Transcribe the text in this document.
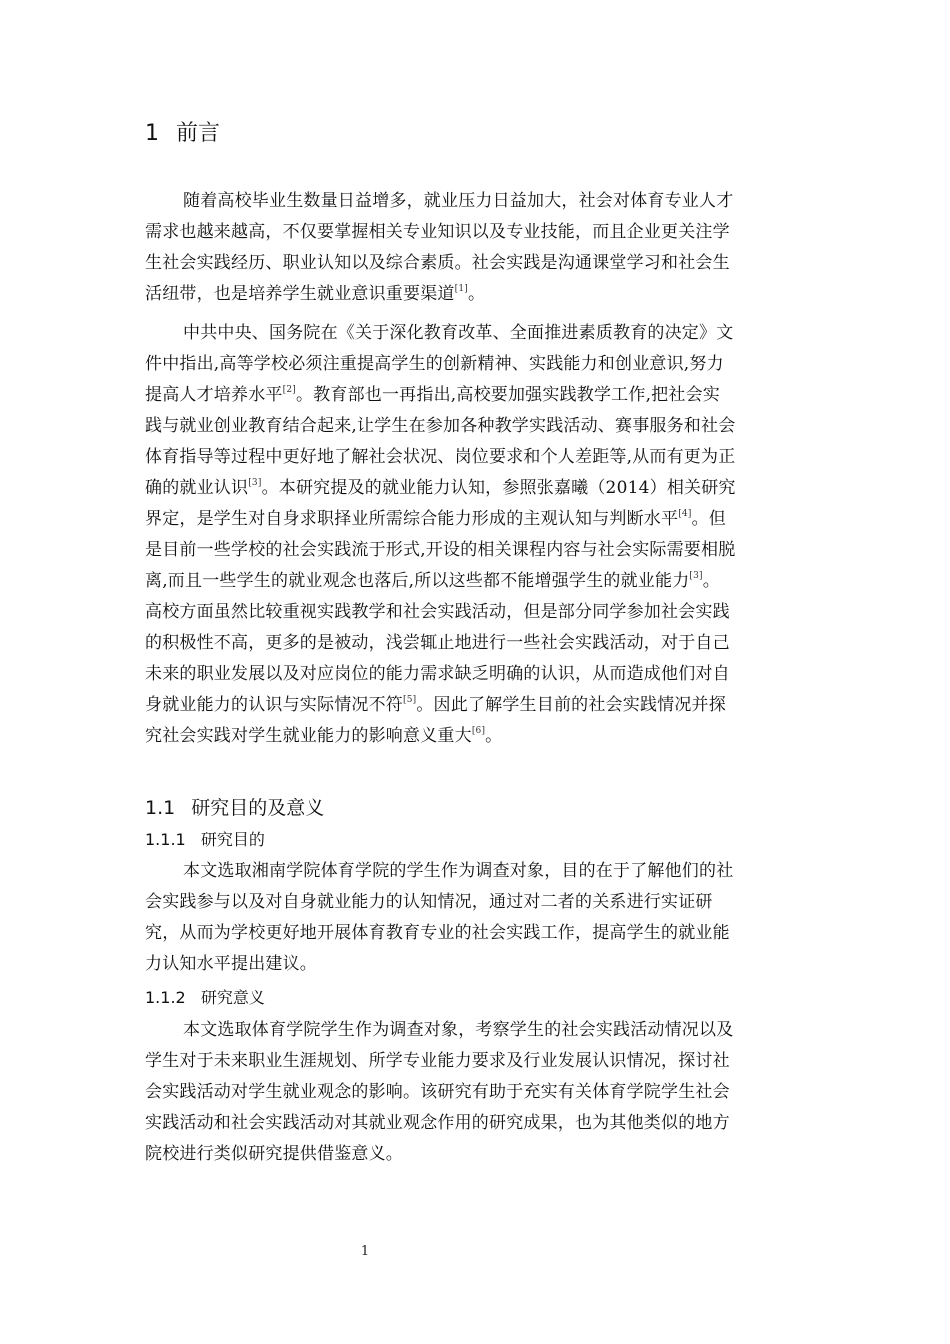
1 前言
随着高校毕业生数量日益增多，就业压力日益加大，社会对体育专业人才
需求也越来越高，不仅要掌握相关专业知识以及专业技能，而且企业更关注学
生社会实践经历、职业认知以及综合素质。社会实践是沟通课堂学习和社会生
活纽带，也是培养学生就业意识重要渠道[1]。
中共中央、国务院在《关于深化教育改革、全面推进素质教育的决定》文
件中指出,高等学校必须注重提高学生的创新精神、实践能力和创业意识,努力
提高人才培养水平[2]。教育部也一再指出,高校要加强实践教学工作,把社会实
践与就业创业教育结合起来,让学生在参加各种教学实践活动、赛事服务和社会
体育指导等过程中更好地了解社会状况、岗位要求和个人差距等,从而有更为正
确的就业认识[3]。本研究提及的就业能力认知，参照张嘉曦（2014）相关研究
界定，是学生对自身求职择业所需综合能力形成的主观认知与判断水平[4]。但
是目前一些学校的社会实践流于形式,开设的相关课程内容与社会实际需要相脱
离,而且一些学生的就业观念也落后,所以这些都不能增强学生的就业能力[3]。
高校方面虽然比较重视实践教学和社会实践活动，但是部分同学参加社会实践
的积极性不高，更多的是被动，浅尝辄止地进行一些社会实践活动，对于自己
未来的职业发展以及对应岗位的能力需求缺乏明确的认识，从而造成他们对自
身就业能力的认识与实际情况不符[5]。因此了解学生目前的社会实践情况并探
究社会实践对学生就业能力的影响意义重大[6]。
1.1 研究目的及意义
1.1.1 研究目的
本文选取湘南学院体育学院的学生作为调查对象，目的在于了解他们的社
会实践参与以及对自身就业能力的认知情况，通过对二者的关系进行实证研
究，从而为学校更好地开展体育教育专业的社会实践工作，提高学生的就业能
力认知水平提出建议。
1.1.2 研究意义
本文选取体育学院学生作为调查对象，考察学生的社会实践活动情况以及
学生对于未来职业生涯规划、所学专业能力要求及行业发展认识情况，探讨社
会实践活动对学生就业观念的影响。该研究有助于充实有关体育学院学生社会
实践活动和社会实践活动对其就业观念作用的研究成果，也为其他类似的地方
院校进行类似研究提供借鉴意义。
1
